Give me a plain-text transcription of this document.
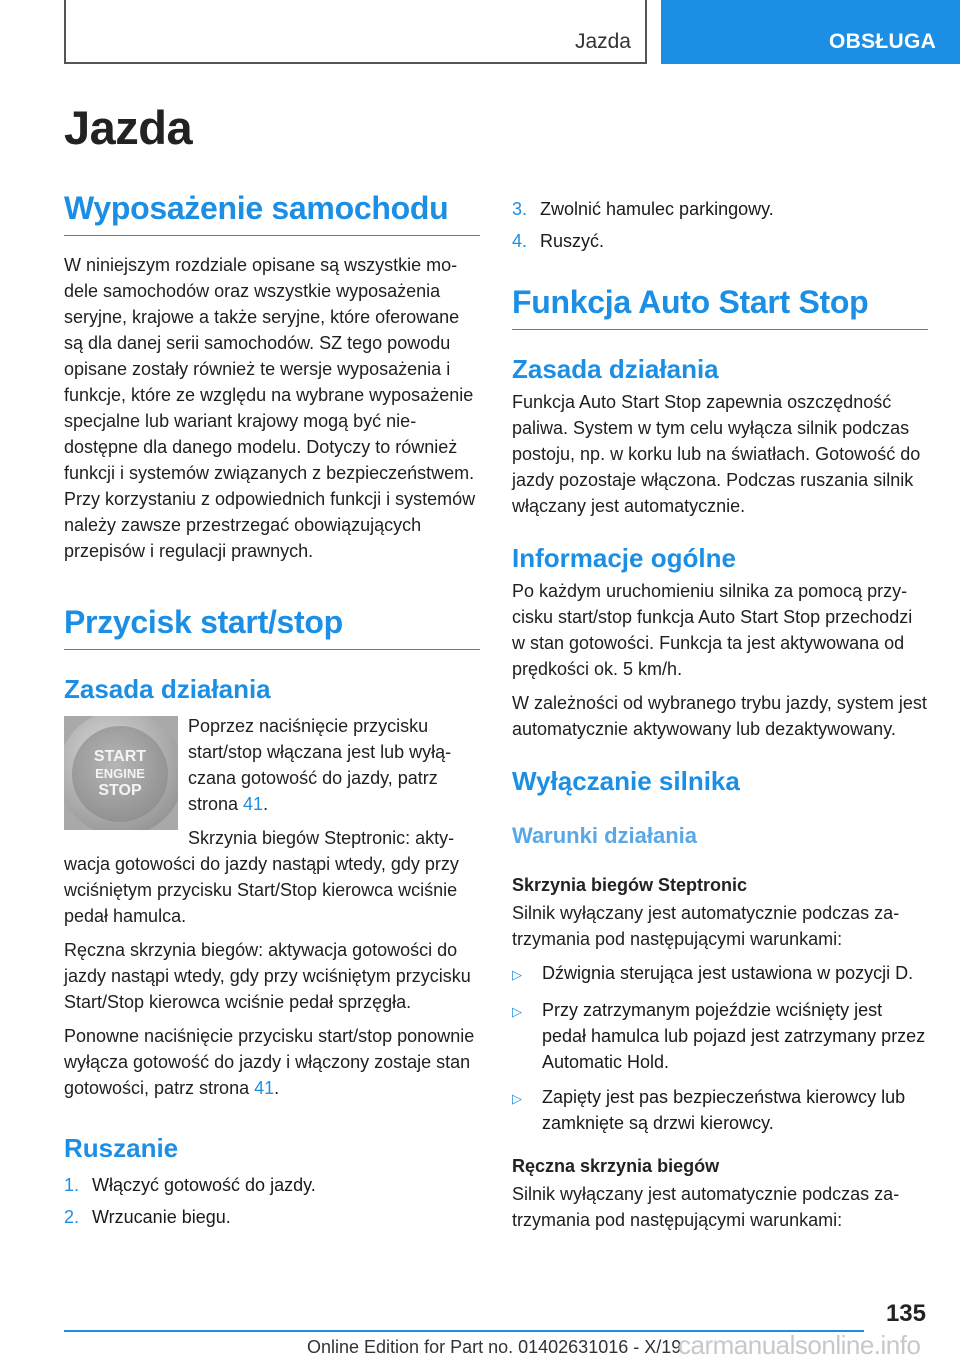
Jazda	OBSŁUGA
Jazda
Wyposażenie samochodu

W niniejszym rozdziale opisane są wszystkie modele samochodów oraz wszystkie wyposażenia seryjne, krajowe a także seryjne, które oferowane są dla danej serii samochodów. SZ tego powodu opisane zostały również te wersje wyposażenia i funkcje, które ze względu na wybrane wyposażenie specjalne lub wariant krajowy mogą być niedostępne dla danego modelu. Dotyczy to również funkcji i systemów związanych z bezpieczeństwem. Przy korzystaniu z odpowiednich funkcji i systemów należy zawsze przestrzegać obowiązujących przepisów i regulacji prawnych.

Przycisk start/stop
Zasada działania
START
ENGINE
STOP

Poprzez naciśnięcie przycisku start/stop włączana jest lub wyłączana gotowość do jazdy, patrz strona 41.

Skrzynia biegów Steptronic: aktywacja gotowości do jazdy nastąpi wtedy, gdy przy wciśniętym przycisku Start/Stop kierowca wciśnie pedał hamulca.

Ręczna skrzynia biegów: aktywacja gotowości do jazdy nastąpi wtedy, gdy przy wciśniętym przycisku Start/Stop kierowca wciśnie pedał sprzęgła.

Ponowne naciśnięcie przycisku start/stop ponownie wyłącza gotowość do jazdy i włączony zostaje stan gotowości, patrz strona 41.

Ruszanie
1. Włączyć gotowość do jazdy.
2. Wrzucanie biegu.
3. Zwolnić hamulec parkingowy.
4. Ruszyć.
Funkcja Auto Start Stop
Zasada działania

Funkcja Auto Start Stop zapewnia oszczędność paliwa. System w tym celu wyłącza silnik podczas postoju, np. w korku lub na światłach. Gotowość do jazdy pozostaje włączona. Podczas ruszania silnik włączany jest automatycznie.

Informacje ogólne

Po każdym uruchomieniu silnika za pomocą przycisku start/stop funkcja Auto Start Stop przechodzi w stan gotowości. Funkcja ta jest aktywowana od prędkości ok. 5 km/h.

W zależności od wybranego trybu jazdy, system jest automatycznie aktywowany lub dezaktywowany.

Wyłączanie silnika
Warunki działania
Skrzynia biegów Steptronic

Silnik wyłączany jest automatycznie podczas zatrzymania pod następującymi warunkami:

▷	Dźwignia sterująca jest ustawiona w pozycji D.
▷	Przy zatrzymanym pojeździe wciśnięty jest pedał hamulca lub pojazd jest zatrzymany przez Automatic Hold.
▷	Zapięty jest pas bezpieczeństwa kierowcy lub zamknięte są drzwi kierowcy.
Ręczna skrzynia biegów

Silnik wyłączany jest automatycznie podczas zatrzymania pod następującymi warunkami:

135
Online Edition for Part no. 01402631016 - X/19
carmanualsonline.info
